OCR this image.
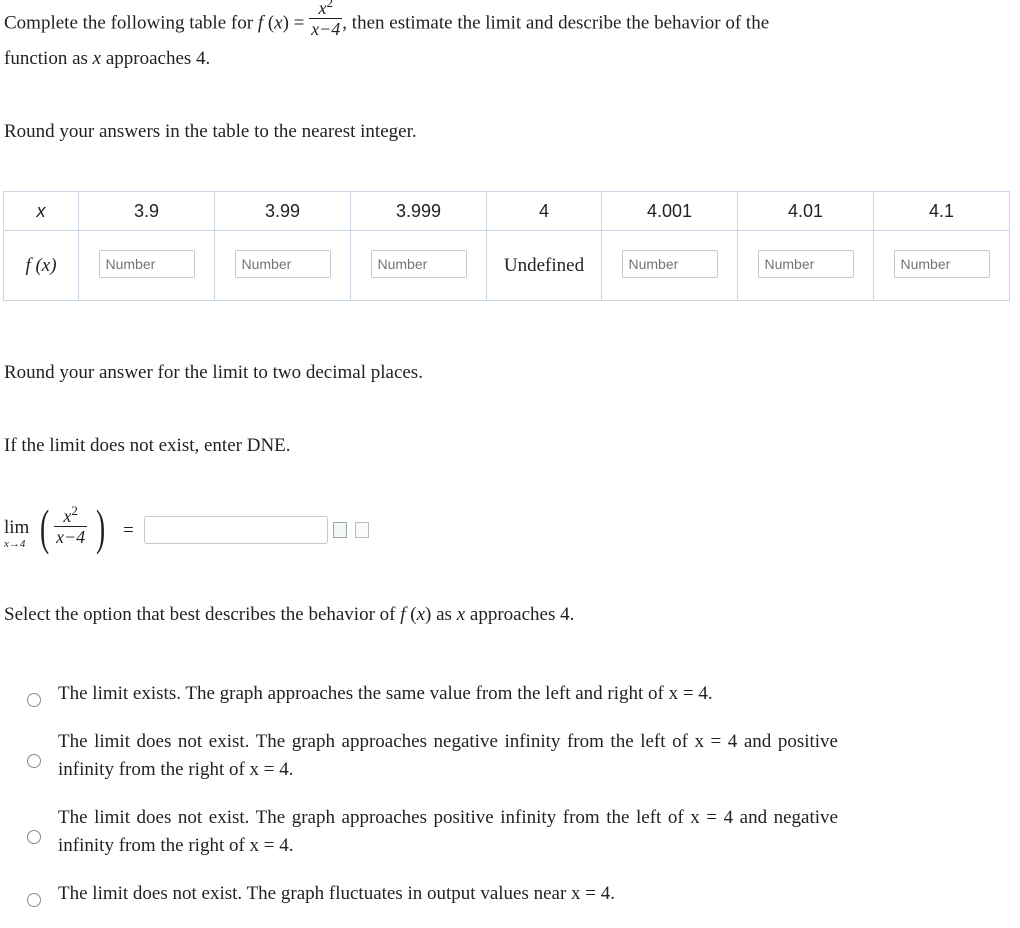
Complete the following table for f $(x) = \frac{x^2}{x-4}$ , then estimate the limit and describe the behavior of the
function as x approaches 4.
Round your answers in the table to the nearest integer.
x	3.9	3.99	3.999	4	4.001	4.01	4.1
f (x)	Number	Number	Number	Undefined	Number	Number	Number
Round your answer for the limit to two decimal places.
If the limit does not exist, enter DNE.
lim
x→4 ( $x^2$
x−4 ) =
Select the option that best describes the behavior of f (x) as x approaches 4.
The limit exists. The graph approaches the same value from the left and right of x = 4.
The limit does not exist. The graph approaches negative infinity from the left of x = 4 and positive infinity from the right of x = 4.
The limit does not exist. The graph approaches positive infinity from the left of x = 4 and negative infinity from the right of x = 4.
The limit does not exist. The graph fluctuates in output values near x = 4.
